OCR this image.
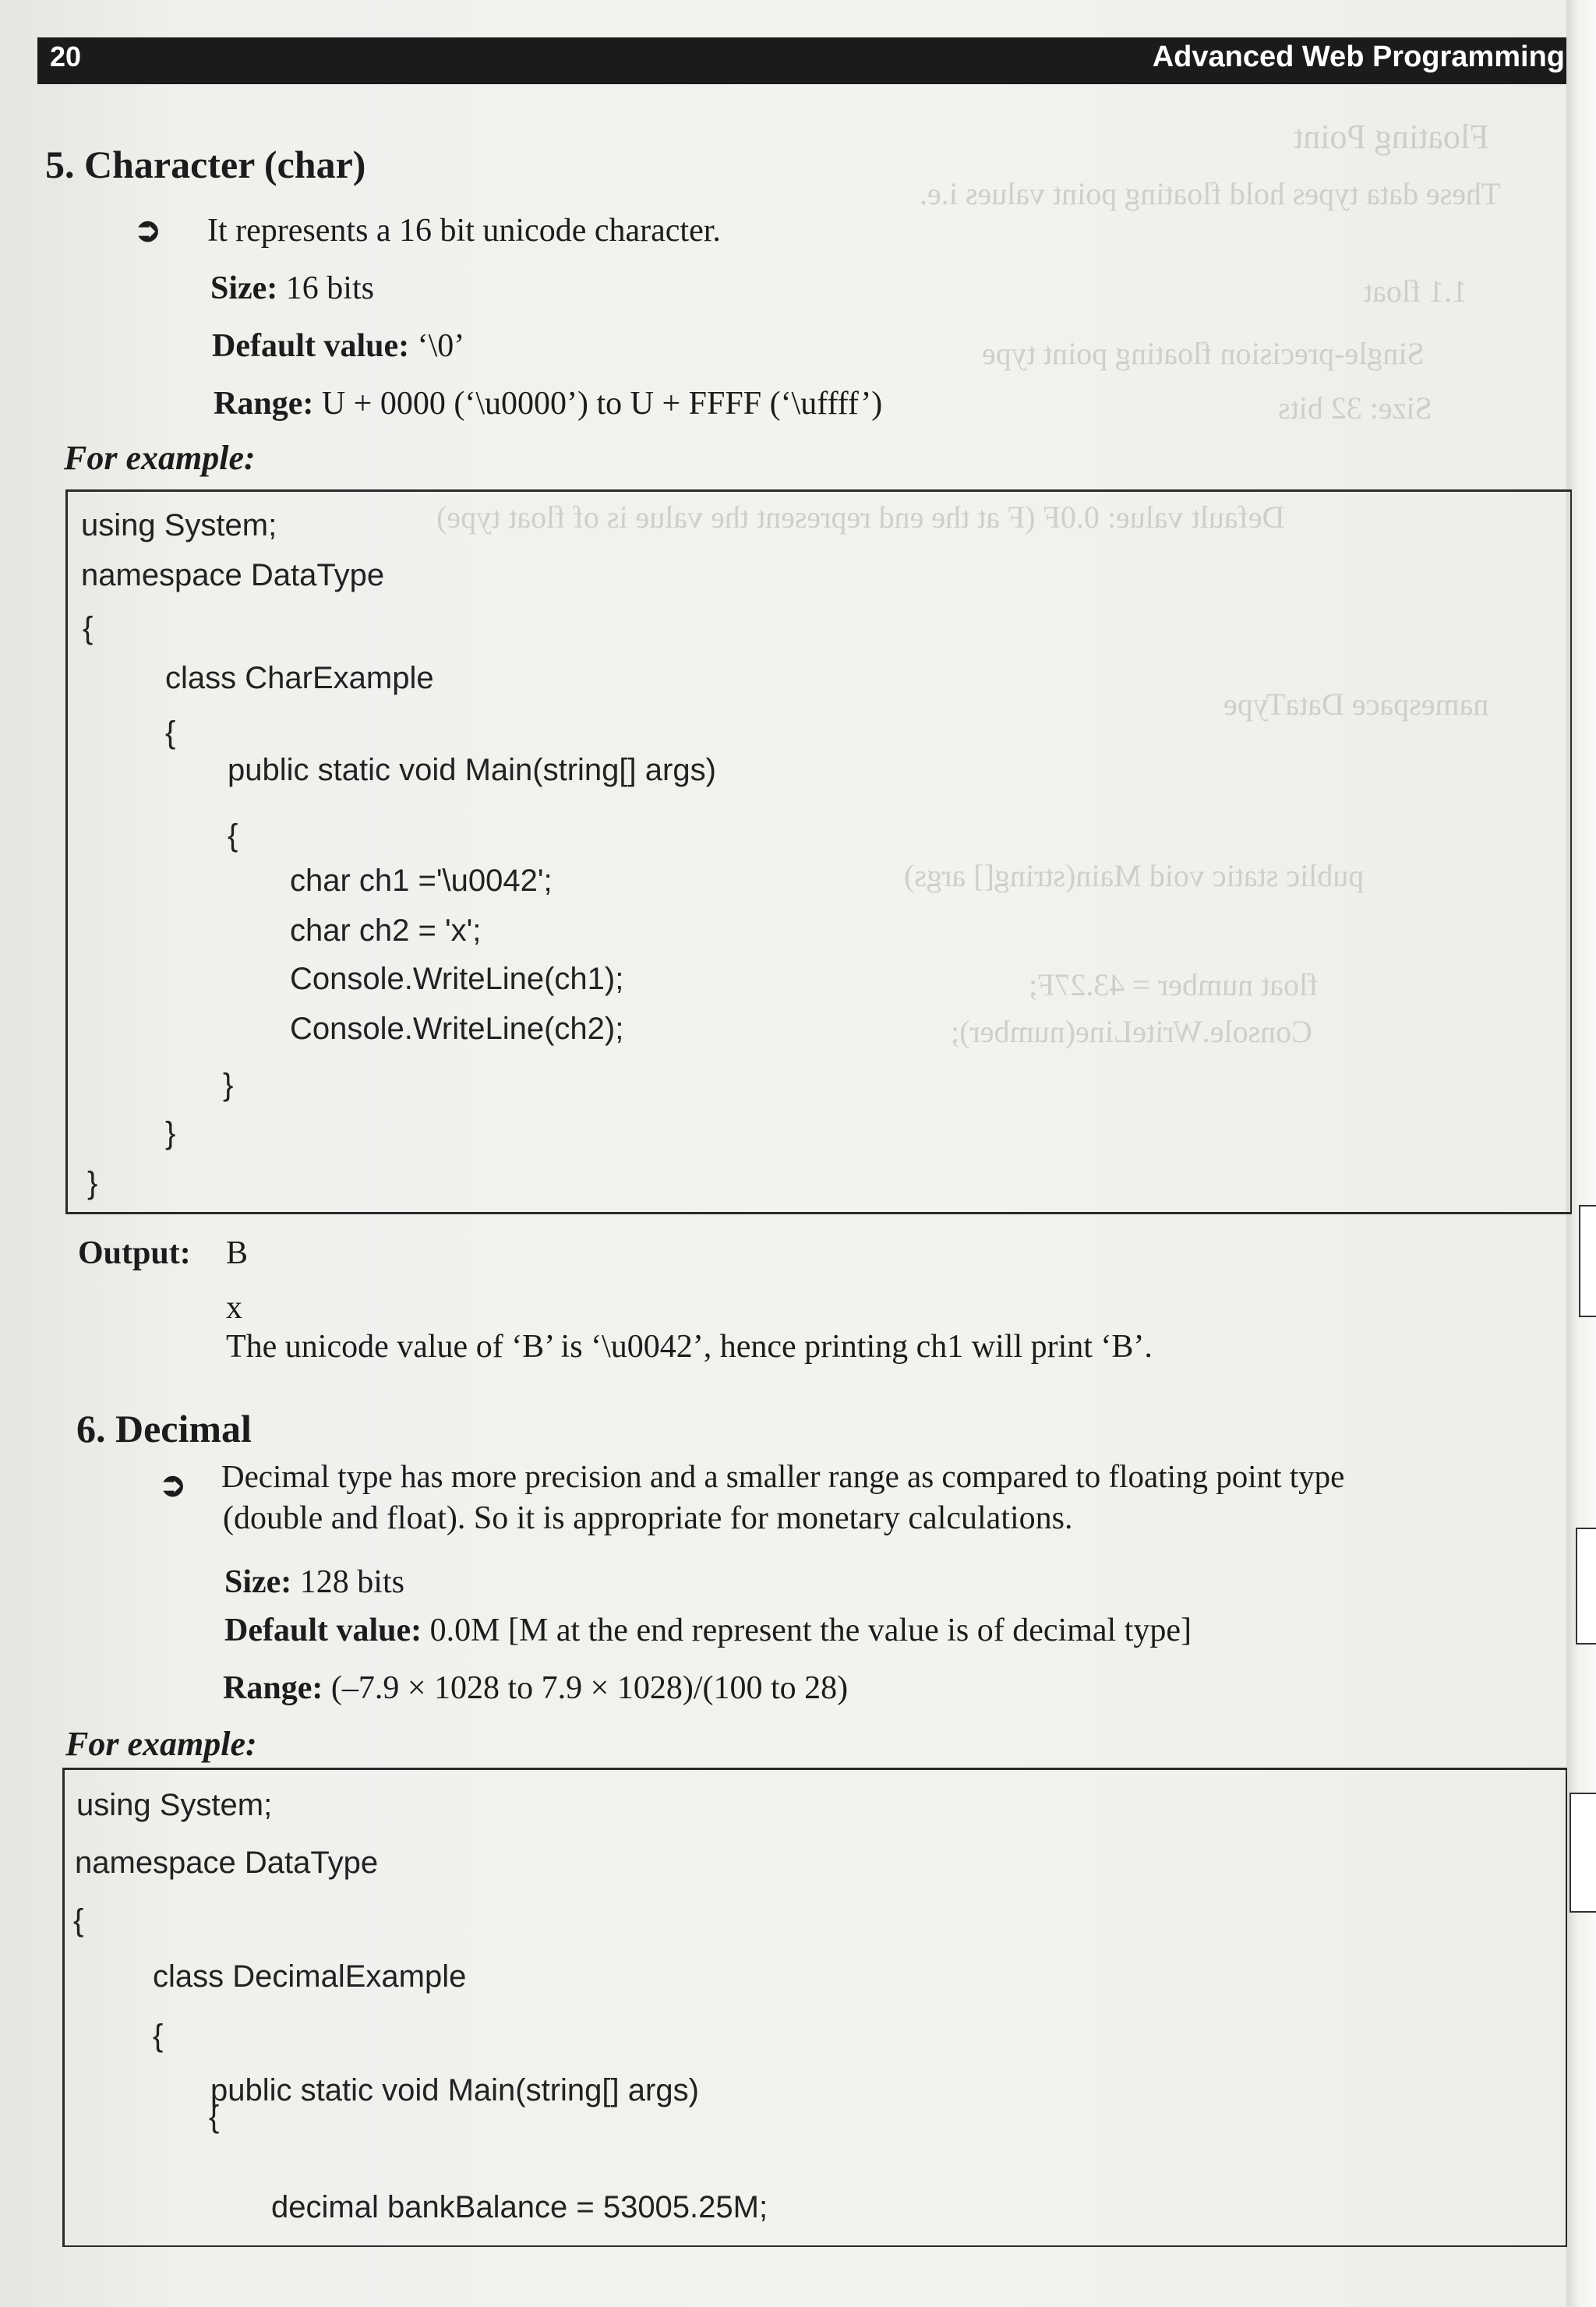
Floating Point
These data types hold floating point values i.e.
1.1 float
Single-precision floating point type
Size: 32 bits
Default value: 0.0F (F at the end represent the value is of float type)
namespace DataType
public static void Main(string[] args)
float number = 43.27F;
Console.WriteLine(number);
20	Advanced Web Programming
5. Character (char)
➲ It represents a 16 bit unicode character.
Size: 16 bits
Default value: ‘\0’
Range: U + 0000 (‘\u0000’) to U + FFFF (‘\uffff’)
For example:
using System;
namespace DataType
{
class CharExample
{
public static void Main(string[] args)
{
char ch1 ='\u0042';
char ch2 = 'x';
Console.WriteLine(ch1);
Console.WriteLine(ch2);
}
}
}
Output: B
x
The unicode value of ‘B’ is ‘\u0042’, hence printing ch1 will print ‘B’.
6. Decimal
➲ Decimal type has more precision and a smaller range as compared to floating point type
(double and float). So it is appropriate for monetary calculations.
Size: 128 bits
Default value: 0.0M [M at the end represent the value is of decimal type]
Range: (–7.9 × 1028 to 7.9 × 1028)/(100 to 28)
For example:
using System;
namespace DataType
{
class DecimalExample
{
public static void Main(string[] args)
{
decimal bankBalance = 53005.25M;
